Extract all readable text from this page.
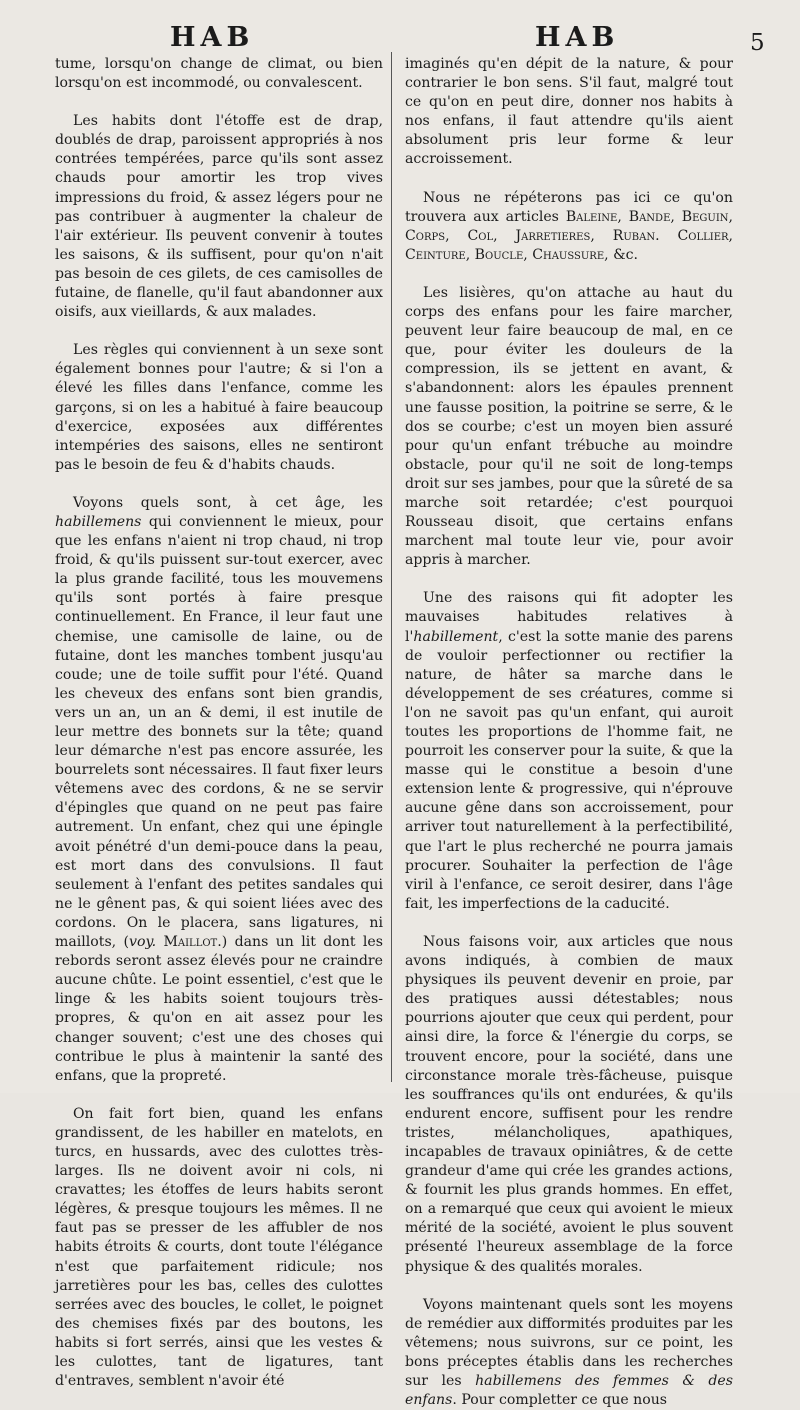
HAB	HAB	5

tume, lorsqu'on change de climat, ou bien lorsqu'on est incommodé, ou convalescent.

Les habits dont l'étoffe est de drap, doublés de drap, paroissent appropriés à nos contrées tempérées, parce qu'ils sont assez chauds pour amortir les trop vives impressions du froid, & assez légers pour ne pas contribuer à augmenter la chaleur de l'air extérieur. Ils peuvent convenir à toutes les saisons, & ils suffisent, pour qu'on n'ait pas besoin de ces gilets, de ces camisolles de futaine, de flanelle, qu'il faut abandonner aux oisifs, aux vieillards, & aux malades.

Les règles qui conviennent à un sexe sont également bonnes pour l'autre; & si l'on a élevé les filles dans l'enfance, comme les garçons, si on les a habitué à faire beaucoup d'exercice, exposées aux différentes intempéries des saisons, elles ne sentiront pas le besoin de feu & d'habits chauds.

Voyons quels sont, à cet âge, les habillemens qui conviennent le mieux, pour que les enfans n'aient ni trop chaud, ni trop froid, & qu'ils puissent sur-tout exercer, avec la plus grande facilité, tous les mouvemens qu'ils sont portés à faire presque continuellement. En France, il leur faut une chemise, une camisolle de laine, ou de futaine, dont les manches tombent jusqu'au coude; une de toile suffit pour l'été. Quand les cheveux des enfans sont bien grandis, vers un an, un an & demi, il est inutile de leur mettre des bonnets sur la tête; quand leur démarche n'est pas encore assurée, les bourrelets sont nécessaires. Il faut fixer leurs vêtemens avec des cordons, & ne se servir d'épingles que quand on ne peut pas faire autrement. Un enfant, chez qui une épingle avoit pénétré d'un demi-pouce dans la peau, est mort dans des convulsions. Il faut seulement à l'enfant des petites sandales qui ne le gênent pas, & qui soient liées avec des cordons. On le placera, sans ligatures, ni maillots, (voy. Maillot.) dans un lit dont les rebords seront assez élevés pour ne craindre aucune chûte. Le point essentiel, c'est que le linge & les habits soient toujours très-propres, & qu'on en ait assez pour les changer souvent; c'est une des choses qui contribue le plus à maintenir la santé des enfans, que la propreté.

On fait fort bien, quand les enfans grandissent, de les habiller en matelots, en turcs, en hussards, avec des culottes très-larges. Ils ne doivent avoir ni cols, ni cravattes; les étoffes de leurs habits seront légères, & presque toujours les mêmes. Il ne faut pas se presser de les affubler de nos habits étroits & courts, dont toute l'élégance n'est que parfaitement ridicule; nos jarretières pour les bas, celles des culottes serrées avec des boucles, le collet, le poignet des chemises fixés par des boutons, les habits si fort serrés, ainsi que les vestes & les culottes, tant de ligatures, tant d'entraves, semblent n'avoir été

imaginés qu'en dépit de la nature, & pour contrarier le bon sens. S'il faut, malgré tout ce qu'on en peut dire, donner nos habits à nos enfans, il faut attendre qu'ils aient absolument pris leur forme & leur accroissement.

Nous ne répéterons pas ici ce qu'on trouvera aux articles Baleine, Bande, Beguin, Corps, Col, Jarretieres, Ruban. Collier, Ceinture, Boucle, Chaussure, &c.

Les lisières, qu'on attache au haut du corps des enfans pour les faire marcher, peuvent leur faire beaucoup de mal, en ce que, pour éviter les douleurs de la compression, ils se jettent en avant, & s'abandonnent: alors les épaules prennent une fausse position, la poitrine se serre, & le dos se courbe; c'est un moyen bien assuré pour qu'un enfant trébuche au moindre obstacle, pour qu'il ne soit de long-temps droit sur ses jambes, pour que la sûreté de sa marche soit retardée; c'est pourquoi Rousseau disoit, que certains enfans marchent mal toute leur vie, pour avoir appris à marcher.

Une des raisons qui fit adopter les mauvaises habitudes relatives à l'habillement, c'est la sotte manie des parens de vouloir perfectionner ou rectifier la nature, de hâter sa marche dans le développement de ses créatures, comme si l'on ne savoit pas qu'un enfant, qui auroit toutes les proportions de l'homme fait, ne pourroit les conserver pour la suite, & que la masse qui le constitue a besoin d'une extension lente & progressive, qui n'éprouve aucune gêne dans son accroissement, pour arriver tout naturellement à la perfectibilité, que l'art le plus recherché ne pourra jamais procurer. Souhaiter la perfection de l'âge viril à l'enfance, ce seroit desirer, dans l'âge fait, les imperfections de la caducité.

Nous faisons voir, aux articles que nous avons indiqués, à combien de maux physiques ils peuvent devenir en proie, par des pratiques aussi détestables; nous pourrions ajouter que ceux qui perdent, pour ainsi dire, la force & l'énergie du corps, se trouvent encore, pour la société, dans une circonstance morale très-fâcheuse, puisque les souffrances qu'ils ont endurées, & qu'ils endurent encore, suffisent pour les rendre tristes, mélancholiques, apathiques, incapables de travaux opiniâtres, & de cette grandeur d'ame qui crée les grandes actions, & fournit les plus grands hommes. En effet, on a remarqué que ceux qui avoient le mieux mérité de la société, avoient le plus souvent présenté l'heureux assemblage de la force physique & des qualités morales.

Voyons maintenant quels sont les moyens de remédier aux difformités produites par les vêtemens; nous suivrons, sur ce point, les bons préceptes établis dans les recherches sur les habillemens des femmes & des enfans. Pour completter ce que nous
